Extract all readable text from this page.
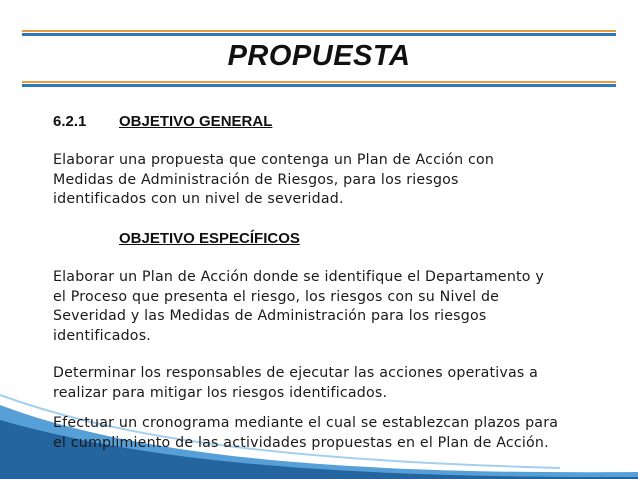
PROPUESTA
6.2.1 OBJETIVO GENERAL
Elaborar una propuesta que contenga un Plan de Acción con
Medidas de Administración de Riesgos, para los riesgos
identificados con un nivel de severidad.
OBJETIVO ESPECÍFICOS
Elaborar un Plan de Acción donde se identifique el Departamento y
el Proceso que presenta el riesgo, los riesgos con su Nivel de
Severidad y las Medidas de Administración para los riesgos
identificados.
Determinar los responsables de ejecutar las acciones operativas a
realizar para mitigar los riesgos identificados.
Efectuar un cronograma mediante el cual se establezcan plazos para
el cumplimiento de las actividades propuestas en el Plan de Acción.
